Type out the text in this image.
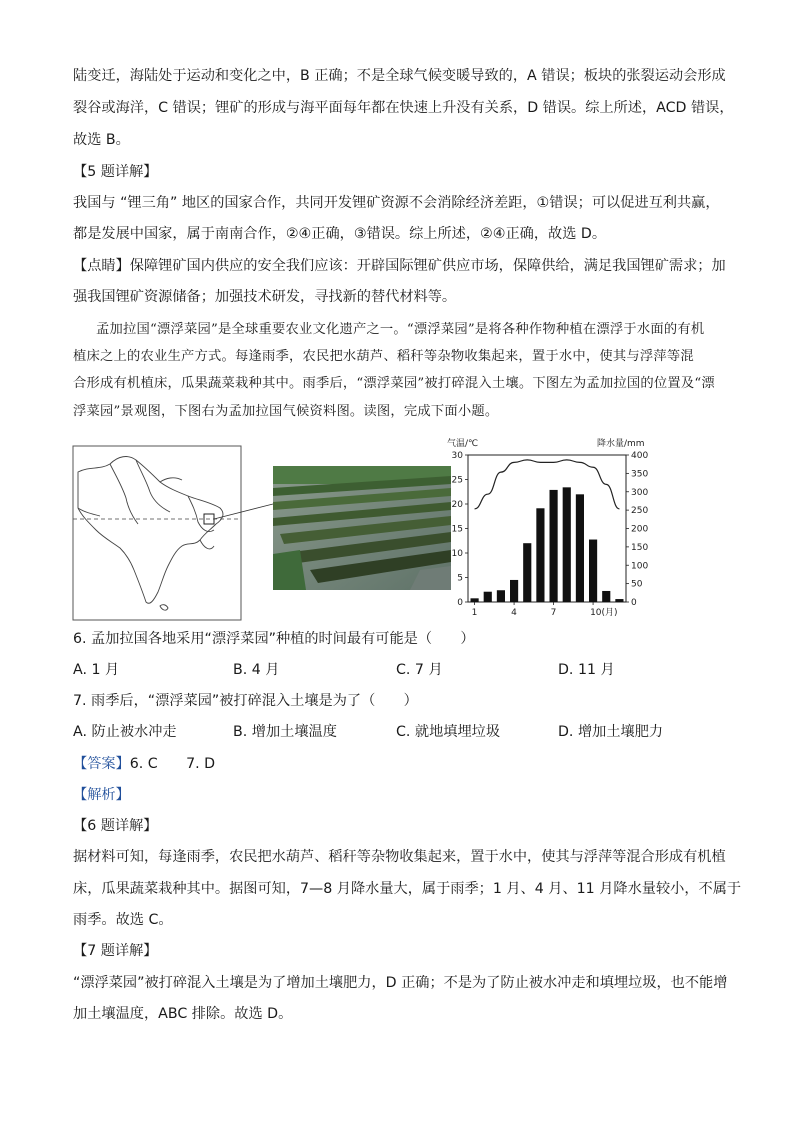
陆变迁，海陆处于运动和变化之中，B 正确；不是全球气候变暖导致的，A 错误；板块的张裂运动会形成
裂谷或海洋，C 错误；锂矿的形成与海平面每年都在快速上升没有关系，D 错误。综上所述，ACD 错误，
故选 B。
【5 题详解】
我国与 “锂三角” 地区的国家合作，共同开发锂矿资源不会消除经济差距，①错误；可以促进互利共赢，
都是发展中国家，属于南南合作，②④正确，③错误。综上所述，②④正确，故选 D。
【点睛】保障锂矿国内供应的安全我们应该：开辟国际锂矿供应市场，保障供给，满足我国锂矿需求；加
强我国锂矿资源储备；加强技术研发，寻找新的替代材料等。
孟加拉国“漂浮菜园”是全球重要农业文化遗产之一。“漂浮菜园”是将各种作物种植在漂浮于水面的有机
植床之上的农业生产方式。每逢雨季，农民把水葫芦、稻秆等杂物收集起来，置于水中，使其与浮萍等混
合形成有机植床，瓜果蔬菜栽种其中。雨季后，“漂浮菜园”被打碎混入土壤。下图左为孟加拉国的位置及“漂
浮菜园”景观图，下图右为孟加拉国气候资料图。读图，完成下面小题。
气温/℃	降水量/mm
0
5
10
15
20
25
30
0
50
100
150
200
250
300
350
400
1	4	7	10(月)
6. 孟加拉国各地采用“漂浮菜园”种植的时间最有可能是（　　）
A. 1 月	B. 4 月	C. 7 月	D. 11 月
7. 雨季后，“漂浮菜园”被打碎混入土壤是为了（　　）
A. 防止被水冲走	B. 增加土壤温度	C. 就地填埋垃圾	D. 增加土壤肥力
【答案】6. C　　7. D
【解析】
【6 题详解】
据材料可知，每逢雨季，农民把水葫芦、稻秆等杂物收集起来，置于水中，使其与浮萍等混合形成有机植
床，瓜果蔬菜栽种其中。据图可知，7—8 月降水量大，属于雨季；1 月、4 月、11 月降水量较小，不属于
雨季。故选 C。
【7 题详解】
“漂浮菜园”被打碎混入土壤是为了增加土壤肥力，D 正确；不是为了防止被水冲走和填埋垃圾，也不能增
加土壤温度，ABC 排除。故选 D。
